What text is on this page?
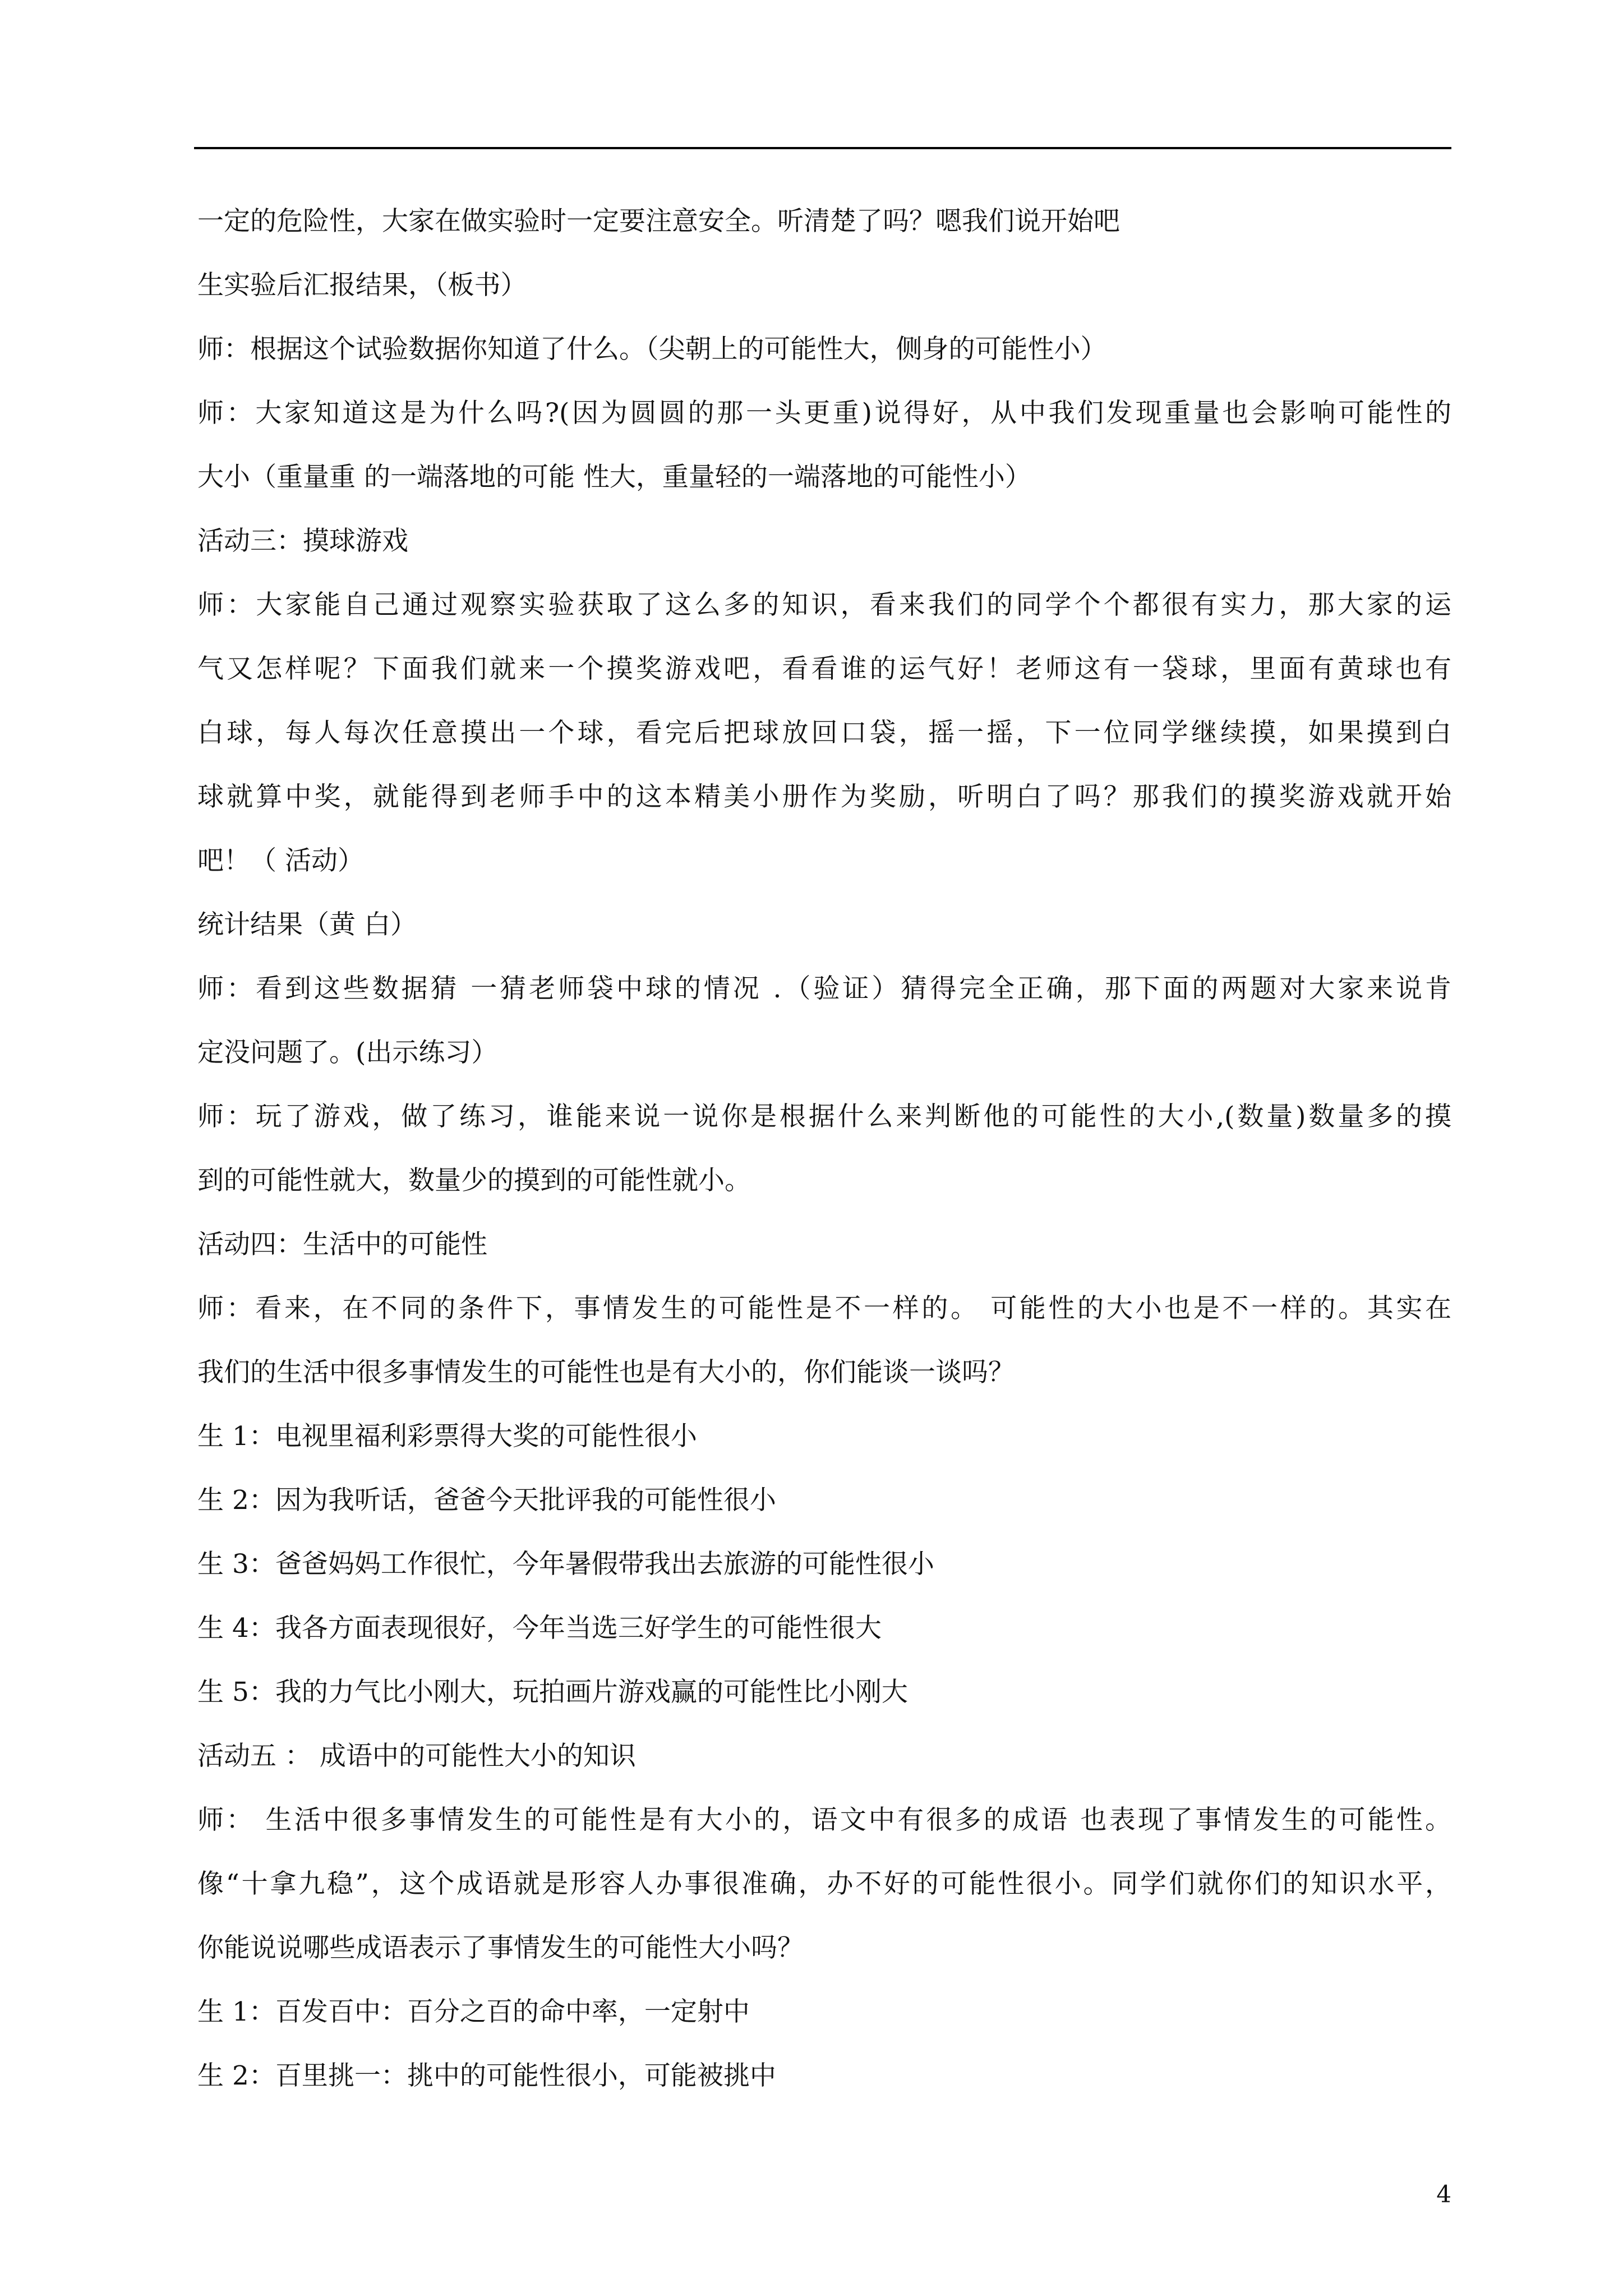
一定的危险性，大家在做实验时一定要注意安全。听清楚了吗？嗯我们说开始吧
生实验后汇报结果，（板书）
师：根据这个试验数据你知道了什么。（尖朝上的可能性大，侧身的可能性小）
师：大家知道这是为什么吗?(因为圆圆的那一头更重)说得好，从中我们发现重量也会影响可能性的
大小（重量重 的一端落地的可能 性大，重量轻的一端落地的可能性小）
活动三：摸球游戏
师：大家能自己通过观察实验获取了这么多的知识，看来我们的同学个个都很有实力，那大家的运
气又怎样呢？下面我们就来一个摸奖游戏吧，看看谁的运气好！老师这有一袋球，里面有黄球也有
白球，每人每次任意摸出一个球，看完后把球放回口袋，摇一摇，下一位同学继续摸，如果摸到白
球就算中奖，就能得到老师手中的这本精美小册作为奖励，听明白了吗？那我们的摸奖游戏就开始
吧！（ 活动）
统计结果（黄 白）
师：看到这些数据猜 一猜老师袋中球的情况 .（验证）猜得完全正确，那下面的两题对大家来说肯
定没问题了。(出示练习）
师：玩了游戏，做了练习，谁能来说一说你是根据什么来判断他的可能性的大小,(数量)数量多的摸
到的可能性就大，数量少的摸到的可能性就小。
活动四：生活中的可能性
师：看来，在不同的条件下，事情发生的可能性是不一样的。 可能性的大小也是不一样的。其实在
我们的生活中很多事情发生的可能性也是有大小的，你们能谈一谈吗？
生 1：电视里福利彩票得大奖的可能性很小
生 2：因为我听话，爸爸今天批评我的可能性很小
生 3：爸爸妈妈工作很忙，今年暑假带我出去旅游的可能性很小
生 4：我各方面表现很好，今年当选三好学生的可能性很大
生 5：我的力气比小刚大，玩拍画片游戏赢的可能性比小刚大
活动五 ： 成语中的可能性大小的知识
师： 生活中很多事情发生的可能性是有大小的，语文中有很多的成语 也表现了事情发生的可能性。
像“十拿九稳”，这个成语就是形容人办事很准确，办不好的可能性很小。同学们就你们的知识水平，
你能说说哪些成语表示了事情发生的可能性大小吗？
生 1：百发百中：百分之百的命中率，一定射中
生 2：百里挑一：挑中的可能性很小，可能被挑中
4
